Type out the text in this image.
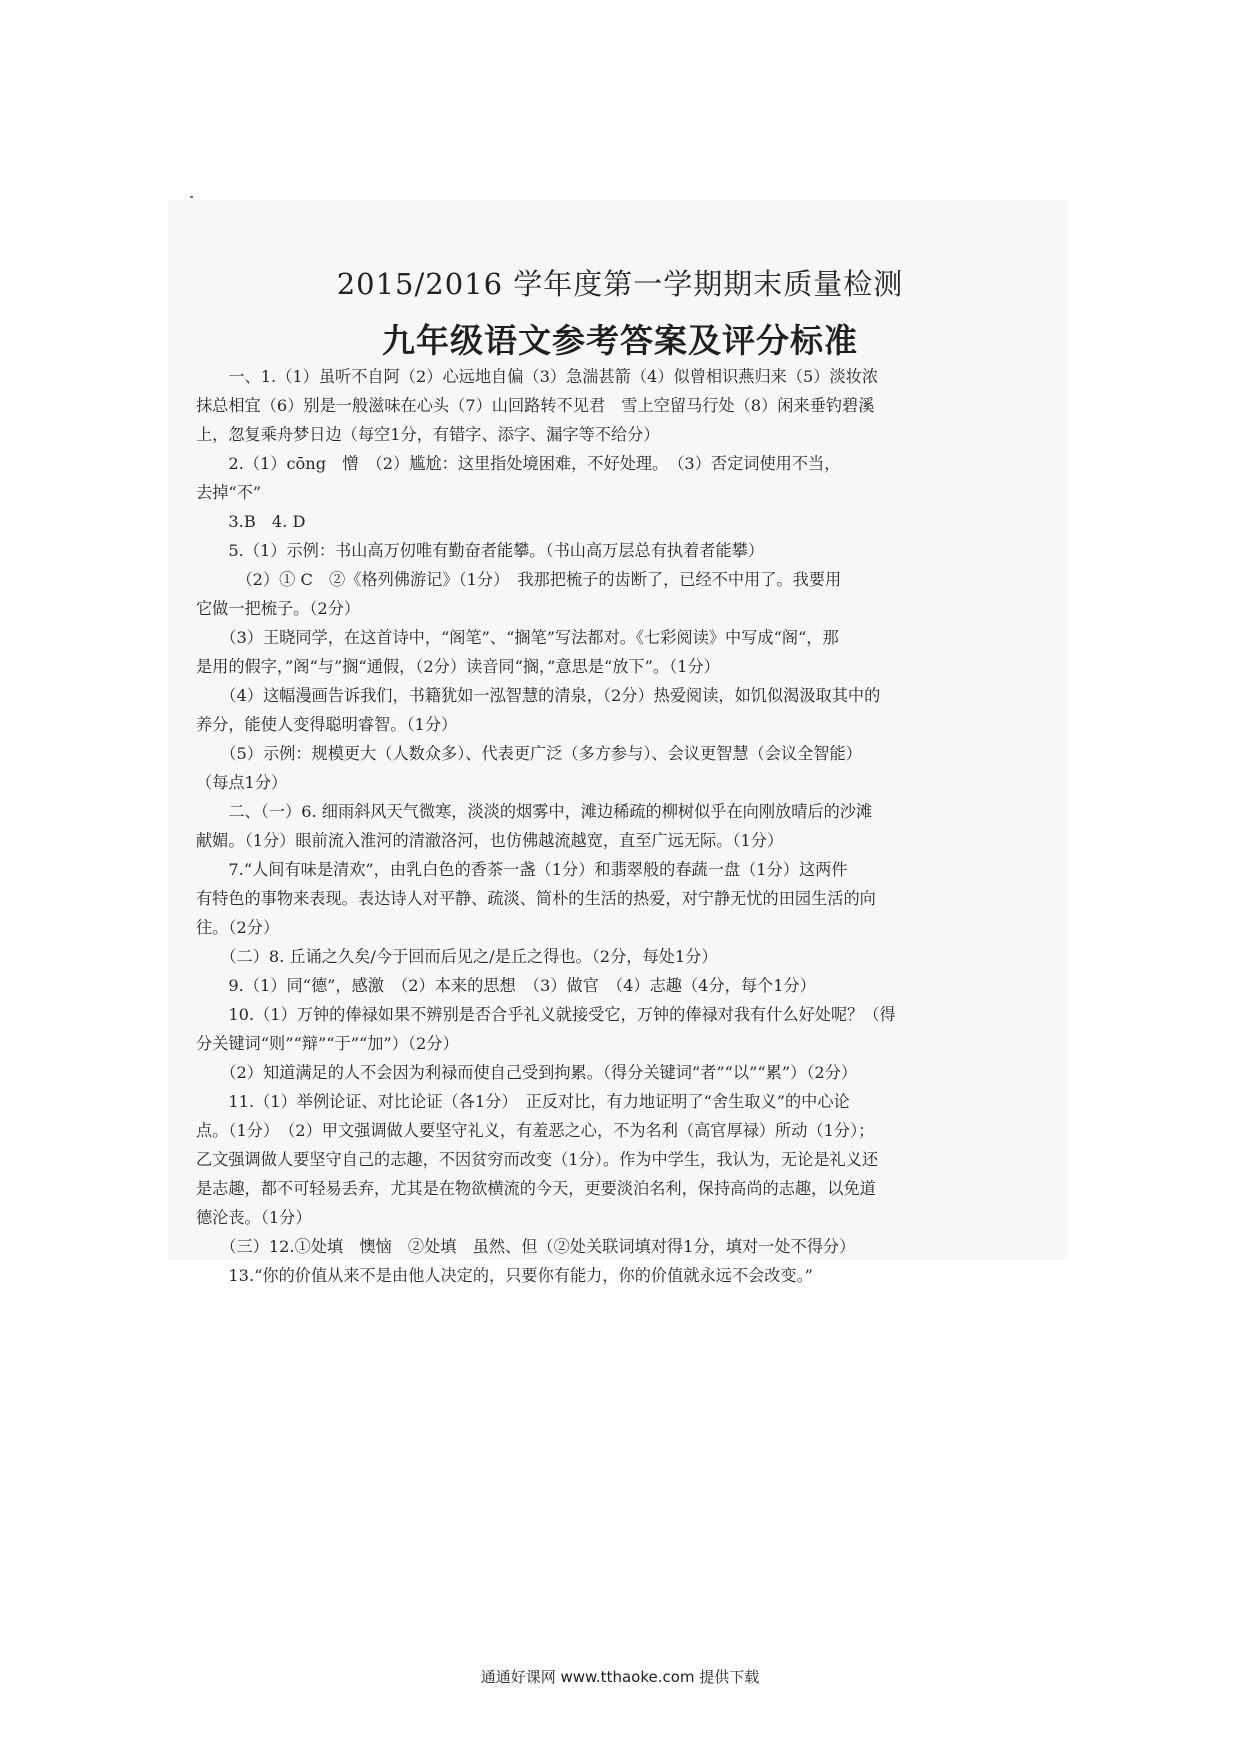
2015/2016 学年度第一学期期末质量检测
九年级语文参考答案及评分标准
　　一、1.（1）虽听不自阿（2）心远地自偏（3）急湍甚箭（4）似曾相识燕归来（5）淡妆浓
抹总相宜（6）别是一般滋味在心头（7）山回路转不见君　雪上空留马行处（8）闲来垂钓碧溪
上，忽复乘舟梦日边（每空1分，有错字、添字、漏字等不给分）
　　2.（1）cōng　憎　（2）尴尬：这里指处境困难，不好处理。　（3）否定词使用不当，
去掉“不”
　　3.B　4. D
　　5.（1）示例：书山高万仞唯有勤奋者能攀。（书山高万层总有执着者能攀）
　　　（2）① C　②《格列佛游记》（1分）　我那把梳子的齿断了，已经不中用了。我要用
它做一把梳子。（2分）
　　（3）王晓同学，在这首诗中，“阁笔”、“搁笔”写法都对。《七彩阅读》中写成“阁“，那
是用的假字，”阁“与”搁“通假，（2分）读音同“搁，”意思是“放下”。（1分）
　　（4）这幅漫画告诉我们，书籍犹如一泓智慧的清泉，（2分）热爱阅读，如饥似渴汲取其中的
养分，能使人变得聪明睿智。（1分）
　　（5）示例：规模更大（人数众多）、代表更广泛（多方参与）、会议更智慧（会议全智能）
（每点1分）
　　二、（一）6. 细雨斜风天气微寒，淡淡的烟雾中，滩边稀疏的柳树似乎在向刚放晴后的沙滩
献媚。（1分）眼前流入淮河的清澈洛河，也仿佛越流越宽，直至广远无际。（1分）
　　7.“人间有味是清欢”，由乳白色的香茶一盏（1分）和翡翠般的春蔬一盘（1分）这两件
有特色的事物来表现。表达诗人对平静、疏淡、简朴的生活的热爱，对宁静无忧的田园生活的向
往。（2分）
　　（二）8. 丘诵之久矣/今于回而后见之/是丘之得也。（2分，每处1分）
　　9.（1）同“德”，感激　（2）本来的思想　（3）做官　（4）志趣（4分，每个1分）
　　10.（1）万钟的俸禄如果不辨别是否合乎礼义就接受它，万钟的俸禄对我有什么好处呢？（得
分关键词“则”“辩”“于”“加”）（2分）
　　（2）知道满足的人不会因为利禄而使自己受到拘累。（得分关键词“者”“以”“累”）（2分）
　　11.（1）举例论证、对比论证（各1分）　正反对比，有力地证明了“舍生取义”的中心论
点。（1分）　（2）甲文强调做人要坚守礼义，有羞恶之心，不为名利（高官厚禄）所动（1分）；
乙文强调做人要坚守自己的志趣，不因贫穷而改变（1分）。作为中学生，我认为，无论是礼义还
是志趣，都不可轻易丢弃，尤其是在物欲横流的今天，更要淡泊名利，保持高尚的志趣，以免道
德沦丧。（1分）
　　（三）12.①处填　懊恼　②处填　虽然、但（②处关联词填对得1分，填对一处不得分）
　　13.“你的价值从来不是由他人决定的，只要你有能力，你的价值就永远不会改变。”
通通好课网 www.tthaoke.com 提供下载
